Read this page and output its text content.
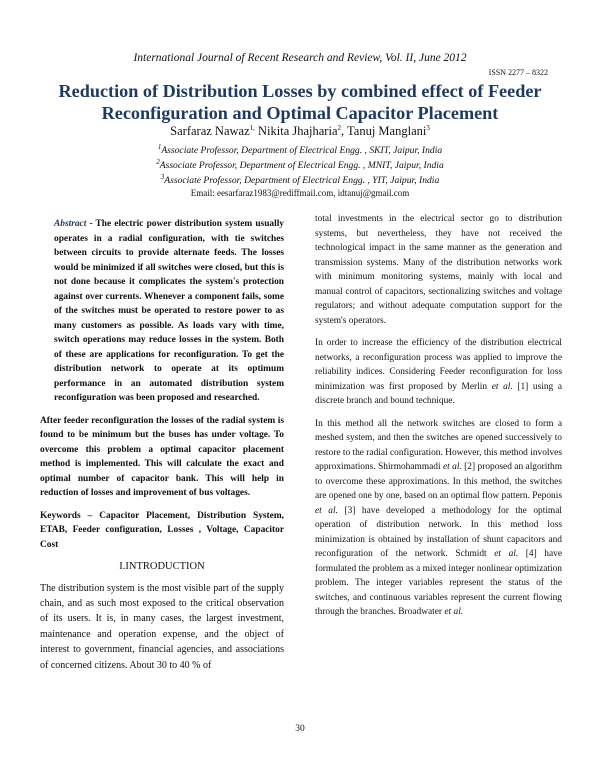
International Journal of Recent Research and Review, Vol. II, June 2012
ISSN 2277 – 8322
Reduction of Distribution Losses by combined effect of Feeder Reconfiguration and Optimal Capacitor Placement
Sarfaraz Nawaz$^{1,}$ Nikita Jhajharia$^2$, Tanuj Manglani$^3$
$^1$Associate Professor, Department of Electrical Engg. , SKIT, Jaipur, India
$^2$Associate Professor, Department of Electrical Engg. , MNIT, Jaipur, India
$^3$Associate Professor, Department of Electrical Engg. , YIT, Jaipur, India
Email: eesarfaraz1983@rediffmail.com, idtanuj@gmail.com

Abstract - The electric power distribution system usually operates in a radial configuration, with tie switches between circuits to provide alternate feeds. The losses would be minimized if all switches were closed, but this is not done because it complicates the system's protection against over currents. Whenever a component fails, some of the switches must be operated to restore power to as many customers as possible. As loads vary with time, switch operations may reduce losses in the system. Both of these are applications for reconfiguration. To get the distribution network to operate at its optimum performance in an automated distribution system reconfiguration was been proposed and researched.

After feeder reconfiguration the losses of the radial system is found to be minimum but the buses has under voltage. To overcome this problem a optimal capacitor placement method is implemented. This will calculate the exact and optimal number of capacitor bank. This will help in reduction of losses and improvement of bus voltages.

Keywords – Capacitor Placement, Distribution System, ETAB, Feeder configuration, Losses , Voltage, Capacitor Cost

I.INTRODUCTION

The distribution system is the most visible part of the supply chain, and as such most exposed to the critical observation of its users. It is, in many cases, the largest investment, maintenance and operation expense, and the object of interest to government, financial agencies, and associations of concerned citizens. About 30 to 40 % of

total investments in the electrical sector go to distribution systems, but nevertheless, they have not received the technological impact in the same manner as the generation and transmission systems. Many of the distribution networks work with minimum monitoring systems, mainly with local and manual control of capacitors, sectionalizing switches and voltage regulators; and without adequate computation support for the system's operators.

In order to increase the efficiency of the distribution electrical networks, a reconfiguration process was applied to improve the reliability indices. Considering Feeder reconfiguration for loss minimization was first proposed by Merlin et al. [1] using a discrete branch and bound technique.

In this method all the network switches are closed to form a meshed system, and then the switches are opened successively to restore to the radial configuration. However, this method involves approximations. Shirmohammadi et al. [2] proposed an algorithm to overcome these approximations. In this method, the switches are opened one by one, based on an optimal flow pattern. Peponis et al. [3] have developed a methodology for the optimal operation of distribution network. In this method loss minimization is obtained by installation of shunt capacitors and reconfiguration of the network. Schmidt et al. [4] have formulated the problem as a mixed integer nonlinear optimization problem. The integer variables represent the status of the switches, and continuous variables represent the current flowing through the branches. Broadwater et al.

30
